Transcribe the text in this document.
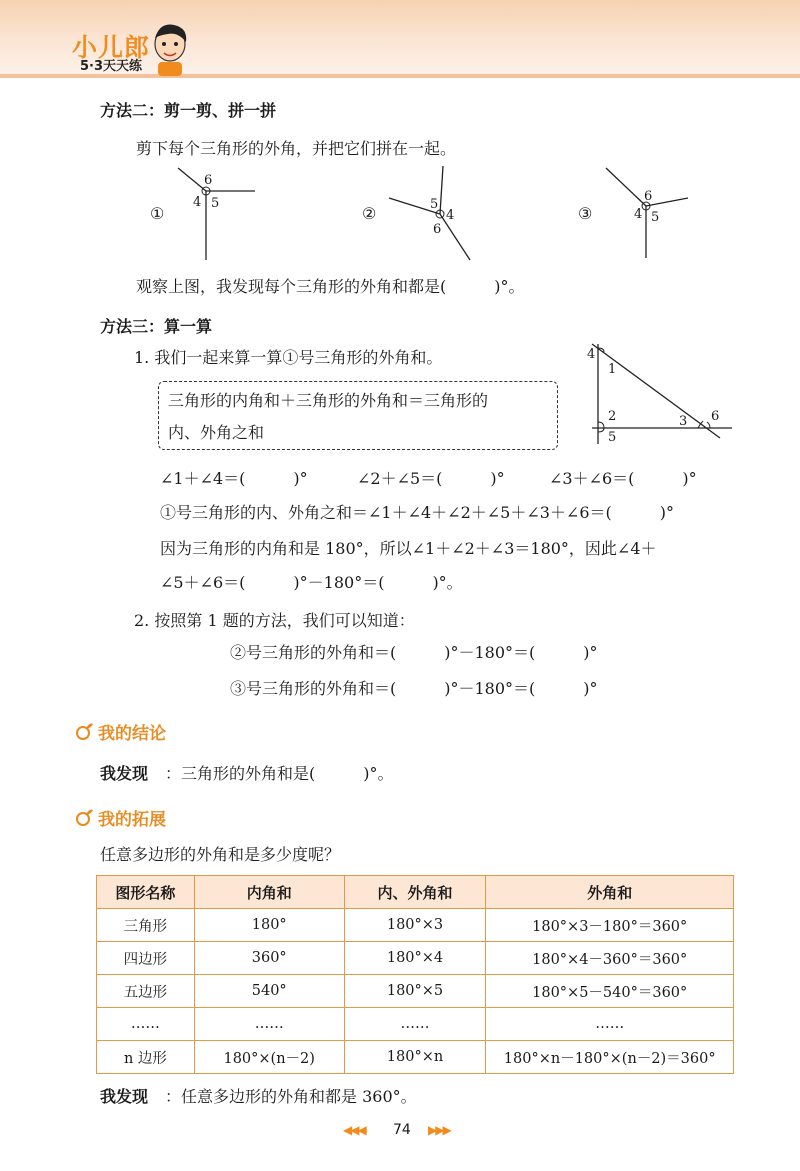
小儿郎
5·3天天练
方法二：剪一剪、拼一拼
剪下每个三角形的外角，并把它们拼在一起。
①
6
4 5
②	5
4
6
③
6
4 5
观察上图，我发现每个三角形的外角和都是(　　　)°。
方法三：算一算
1. 我们一起来算一算①号三角形的外角和。
三角形的内角和＋三角形的外角和＝三角形的
内、外角之和
4
1
2
5
3 6
∠1＋∠4＝(　　　)°	∠2＋∠5＝(　　　)°	∠3＋∠6＝(　　　)°
①号三角形的内、外角之和＝∠1＋∠4＋∠2＋∠5＋∠3＋∠6＝(　　　)°
因为三角形的内角和是 180°，所以∠1＋∠2＋∠3＝180°，因此∠4＋
∠5＋∠6＝(　　　)°－180°＝(　　　)°。
2. 按照第 1 题的方法，我们可以知道：
②号三角形的外角和＝(　　　)°－180°＝(　　　)°
③号三角形的外角和＝(　　　)°－180°＝(　　　)°
我的结论
我发现 ：三角形的外角和是(　　　)°。
我的拓展
任意多边形的外角和是多少度呢？
图形名称	内角和	内、外角和	外角和
三角形	180°	180°×3	180°×3－180°＝360°
四边形	360°	180°×4	180°×4－360°＝360°
五边形	540°	180°×5	180°×5－540°＝360°
……	……	……	……
n 边形	180°×(n－2)	180°×n	180°×n－180°×(n－2)＝360°
我发现 ：任意多边形的外角和都是 360°。
◀◀◀ 74 ▶▶▶
